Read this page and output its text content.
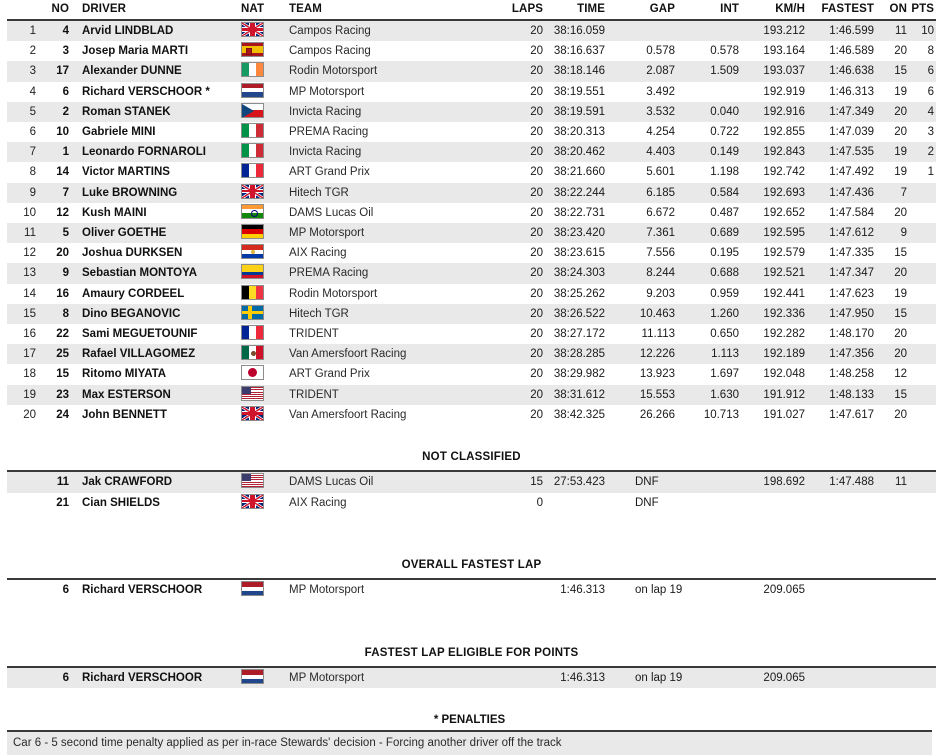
	NO	DRIVER	NAT	TEAM	LAPS	TIME	GAP	INT	KM/H	FASTEST	ON	PTS
1	4	Arvid LINDBLAD		Campos Racing	20	38:16.059			193.212	1:46.599	11	10
2	3	Josep Maria MARTI		Campos Racing	20	38:16.637	0.578	0.578	193.164	1:46.589	20	8
3	17	Alexander DUNNE		Rodin Motorsport	20	38:18.146	2.087	1.509	193.037	1:46.638	15	6
4	6	Richard VERSCHOOR *		MP Motorsport	20	38:19.551	3.492		192.919	1:46.313	19	6
5	2	Roman STANEK		Invicta Racing	20	38:19.591	3.532	0.040	192.916	1:47.349	20	4
6	10	Gabriele MINI		PREMA Racing	20	38:20.313	4.254	0.722	192.855	1:47.039	20	3
7	1	Leonardo FORNAROLI		Invicta Racing	20	38:20.462	4.403	0.149	192.843	1:47.535	19	2
8	14	Victor MARTINS		ART Grand Prix	20	38:21.660	5.601	1.198	192.742	1:47.492	19	1
9	7	Luke BROWNING		Hitech TGR	20	38:22.244	6.185	0.584	192.693	1:47.436	7	
10	12	Kush MAINI		DAMS Lucas Oil	20	38:22.731	6.672	0.487	192.652	1:47.584	20	
11	5	Oliver GOETHE		MP Motorsport	20	38:23.420	7.361	0.689	192.595	1:47.612	9	
12	20	Joshua DURKSEN		AIX Racing	20	38:23.615	7.556	0.195	192.579	1:47.335	15	
13	9	Sebastian MONTOYA		PREMA Racing	20	38:24.303	8.244	0.688	192.521	1:47.347	20	
14	16	Amaury CORDEEL		Rodin Motorsport	20	38:25.262	9.203	0.959	192.441	1:47.623	19	
15	8	Dino BEGANOVIC		Hitech TGR	20	38:26.522	10.463	1.260	192.336	1:47.950	15	
16	22	Sami MEGUETOUNIF		TRIDENT	20	38:27.172	11.113	0.650	192.282	1:48.170	20	
17	25	Rafael VILLAGOMEZ		Van Amersfoort Racing	20	38:28.285	12.226	1.113	192.189	1:47.356	20	
18	15	Ritomo MIYATA		ART Grand Prix	20	38:29.982	13.923	1.697	192.048	1:48.258	12	
19	23	Max ESTERSON		TRIDENT	20	38:31.612	15.553	1.630	191.912	1:48.133	15	
20	24	John BENNETT		Van Amersfoort Racing	20	38:42.325	26.266	10.713	191.027	1:47.617	20	

NOT CLASSIFIED												
	11	Jak CRAWFORD		DAMS Lucas Oil	15	27:53.423	DNF		198.692	1:47.488	11	
	21	Cian SHIELDS		AIX Racing	0		DNF					

OVERALL FASTEST LAP												
	6	Richard VERSCHOOR		MP Motorsport		1:46.313	on lap 19		209.065			

FASTEST LAP ELIGIBLE FOR POINTS												
	6	Richard VERSCHOOR		MP Motorsport		1:46.313	on lap 19		209.065			
* PENALTIES
Car 6 - 5 second time penalty applied as per in-race Stewards' decision - Forcing another driver off the track
